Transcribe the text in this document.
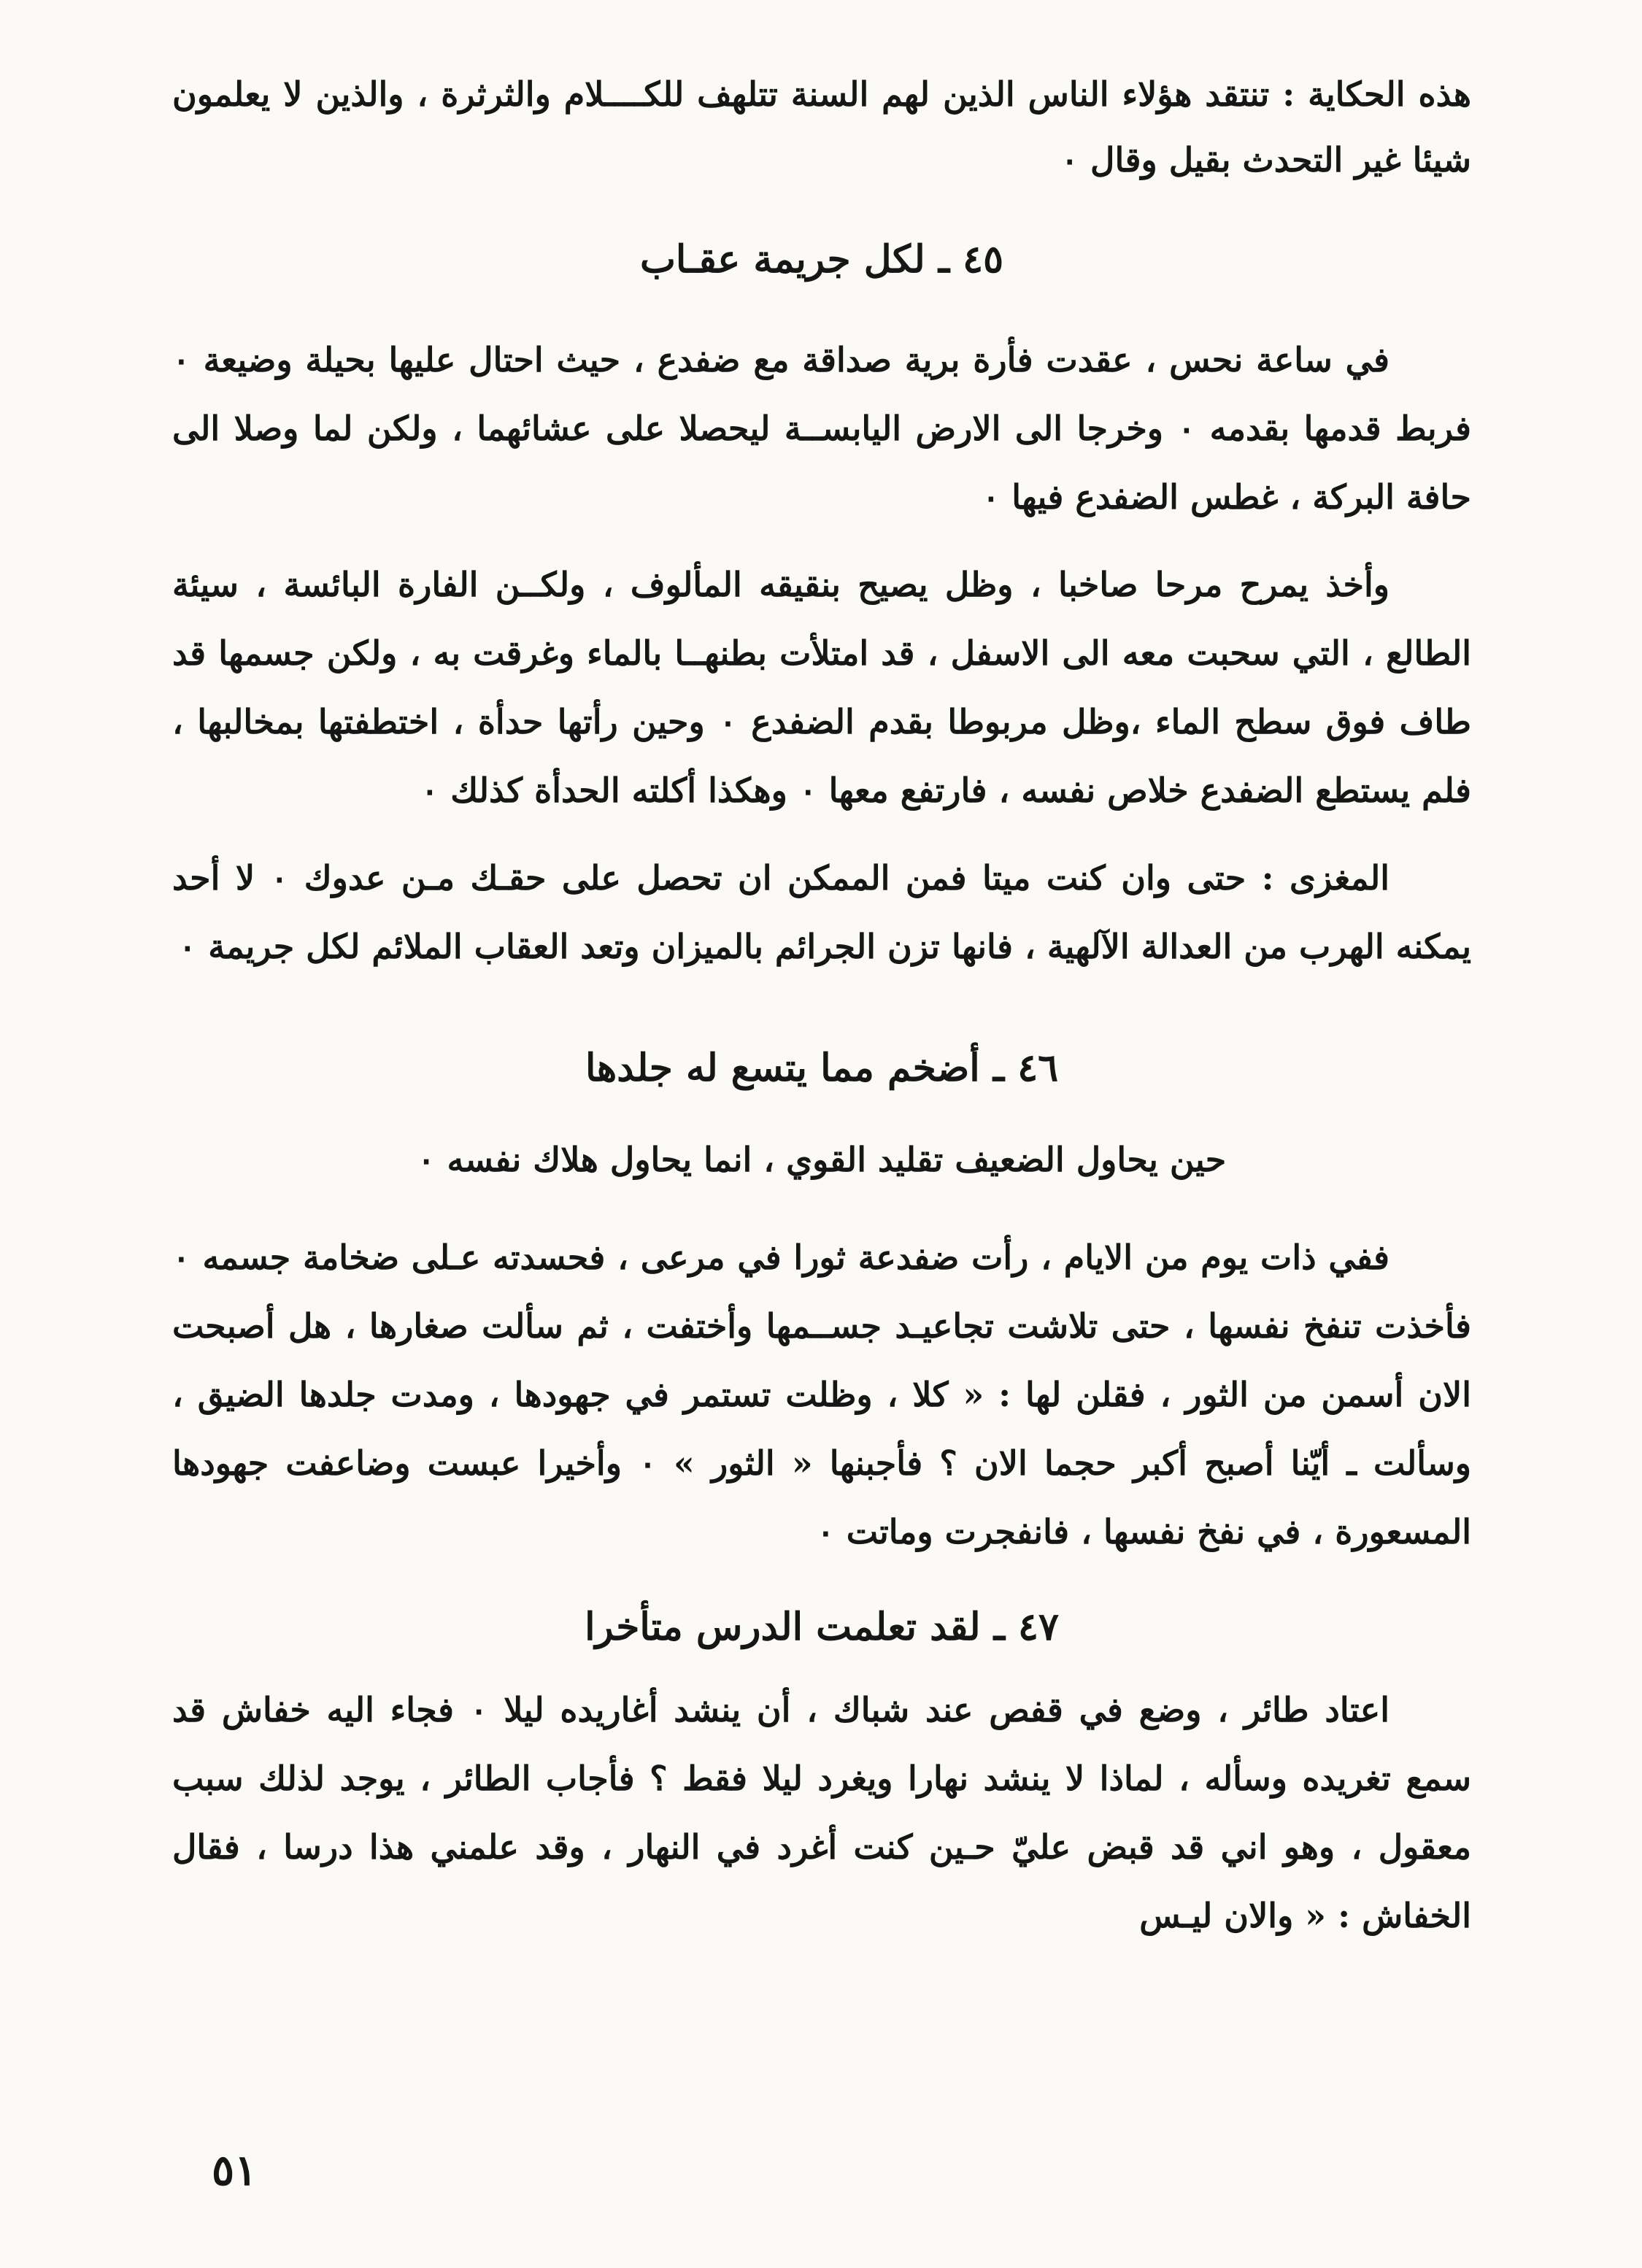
هذه الحكاية : تنتقد هؤلاء الناس الذين لهم السنة تتلهف للكــــلام والثرثرة ، والذين لا يعلمون شيئا غير التحدث بقيل وقال ٠

٤٥ ـ لكل جريمة عقـاب

في ساعة نحس ، عقدت فأرة برية صداقة مع ضفدع ، حيث احتال عليها بحيلة وضيعة ٠ فربط قدمها بقدمه ٠ وخرجا الى الارض اليابســة ليحصلا على عشائهما ، ولكن لما وصلا الى حافة البركة ، غطس الضفدع فيها ٠

وأخذ يمرح مرحا صاخبا ، وظل يصيح بنقيقه المألوف ، ولكــن الفارة البائسة ، سيئة الطالع ، التي سحبت معه الى الاسفل ، قد امتلأت بطنهــا بالماء وغرقت به ، ولكن جسمها قد طاف فوق سطح الماء ،وظل مربوطا بقدم الضفدع ٠ وحين رأتها حدأة ، اختطفتها بمخالبها ، فلم يستطع الضفدع خلاص نفسه ، فارتفع معها ٠ وهكذا أكلته الحدأة كذلك ٠

المغزى : حتى وان كنت ميتا فمن الممكن ان تحصل على حقـك مـن عدوك ٠ لا أحد يمكنه الهرب من العدالة الآلهية ، فانها تزن الجرائم بالميزان وتعد العقاب الملائم لكل جريمة ٠

٤٦ ـ أضخم مما يتسع له جلدها

حين يحاول الضعيف تقليد القوي ، انما يحاول هلاك نفسه ٠

ففي ذات يوم من الايام ، رأت ضفدعة ثورا في مرعى ، فحسدته عـلى ضخامة جسمه ٠ فأخذت تنفخ نفسها ، حتى تلاشت تجاعيـد جســمها وأختفت ، ثم سألت صغارها ، هل أصبحت الان أسمن من الثور ، فقلن لها : « كلا ، وظلت تستمر في جهودها ، ومدت جلدها الضيق ، وسألت ـ أيّنا أصبح أكبر حجما الان ؟ فأجبنها « الثور » ٠ وأخيرا عبست وضاعفت جهودها المسعورة ، في نفخ نفسها ، فانفجرت وماتت ٠

٤٧ ـ لقد تعلمت الدرس متأخرا

اعتاد طائر ، وضع في قفص عند شباك ، أن ينشد أغاريده ليلا ٠ فجاء اليه خفاش قد سمع تغريده وسأله ، لماذا لا ينشد نهارا ويغرد ليلا فقط ؟ فأجاب الطائر ، يوجد لذلك سبب معقول ، وهو اني قد قبض عليّ حـين كنت أغرد في النهار ، وقد علمني هذا درسا ، فقال الخفاش : « والان ليـس

٥١
